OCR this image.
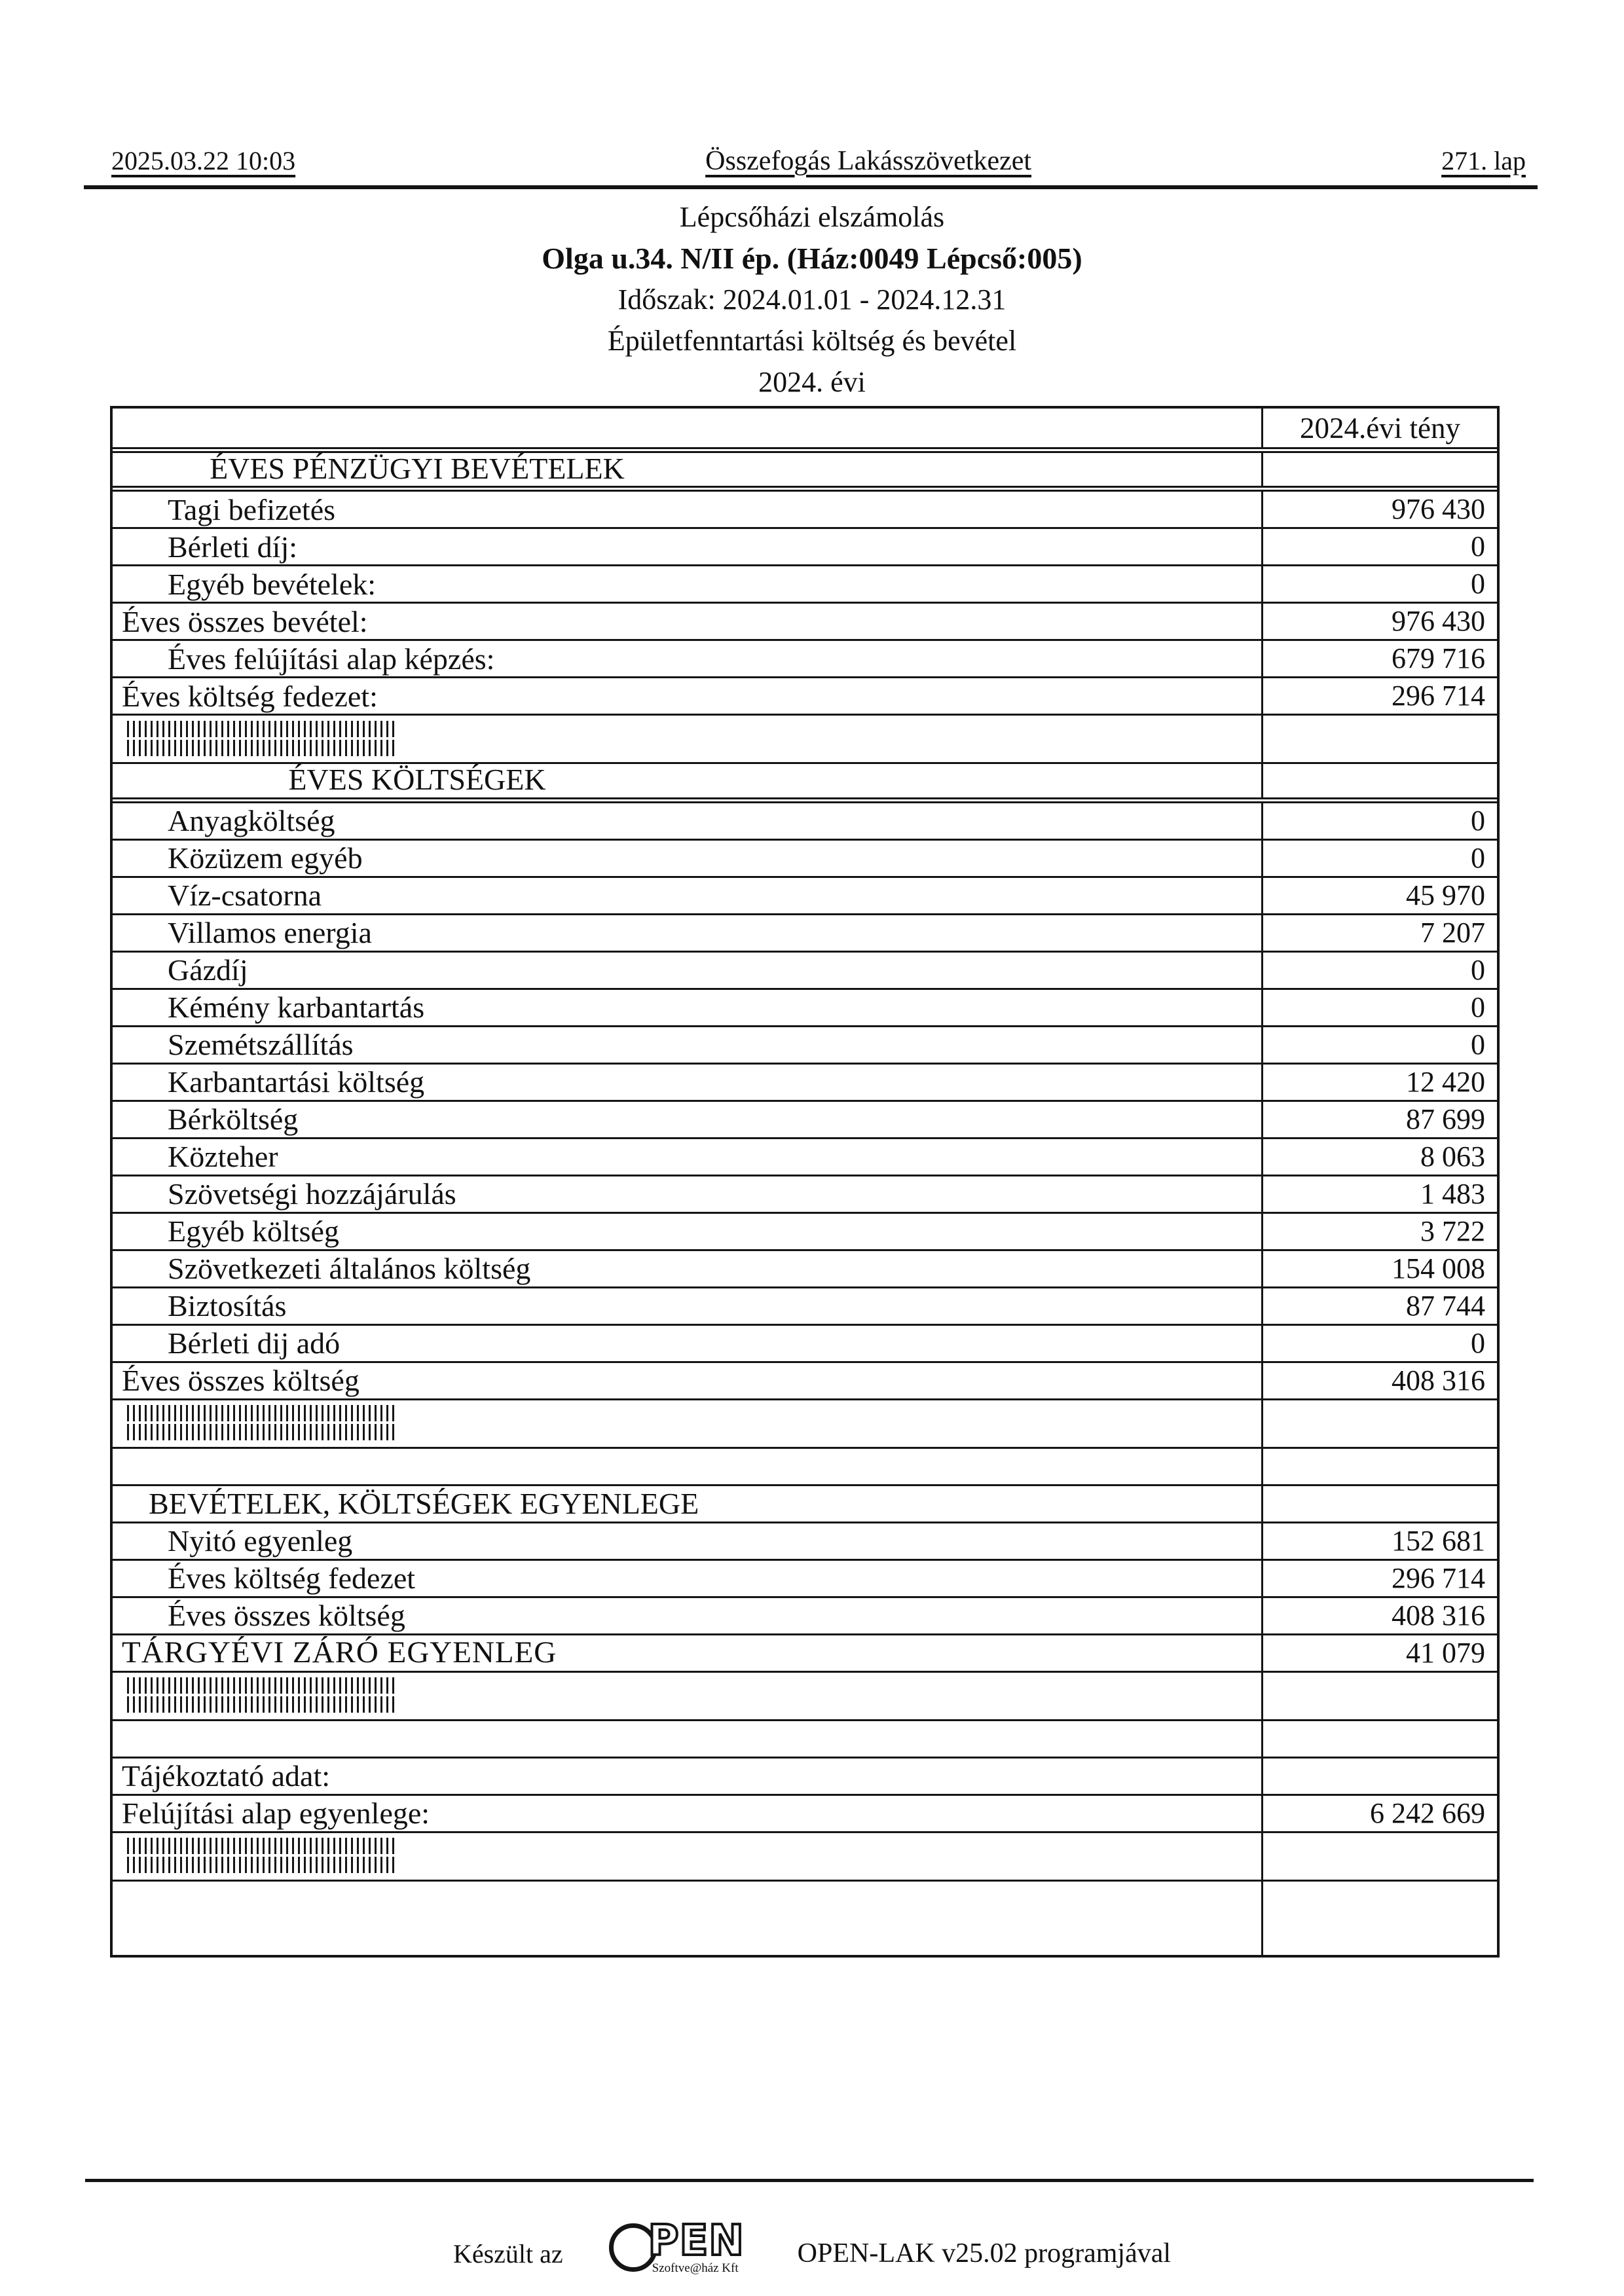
2025.03.22 10:03	Összefogás Lakásszövetkezet	271. lap
Lépcsőházi elszámolás
Olga u.34. N/II ép. (Ház:0049 Lépcső:005)
Időszak: 2024.01.01 - 2024.12.31
Épületfenntartási költség és bevétel
2024. évi
2024.évi tény
ÉVES PÉNZÜGYI BEVÉTELEK
Tagi befizetés	976 430
Bérleti díj:	0
Egyéb bevételek:	0
Éves összes bevétel:	976 430
Éves felújítási alap képzés:	679 716
Éves költség fedezet:	296 714
ÉVES KÖLTSÉGEK
Anyagköltség	0
Közüzem egyéb	0
Víz-csatorna	45 970
Villamos energia	7 207
Gázdíj	0
Kémény karbantartás	0
Szemétszállítás	0
Karbantartási költség	12 420
Bérköltség	87 699
Közteher	8 063
Szövetségi hozzájárulás	1 483
Egyéb költség	3 722
Szövetkezeti általános költség	154 008
Biztosítás	87 744
Bérleti dij adó	0
Éves összes költség	408 316
BEVÉTELEK, KÖLTSÉGEK EGYENLEGE
Nyitó egyenleg	152 681
Éves költség fedezet	296 714
Éves összes költség	408 316
TÁRGYÉVI ZÁRÓ EGYENLEG	41 079
Tájékoztató adat:
Felújítási alap egyenlege:	6 242 669
Készült az PEN
Szoftve@ház Kft OPEN-LAK v25.02 programjával
